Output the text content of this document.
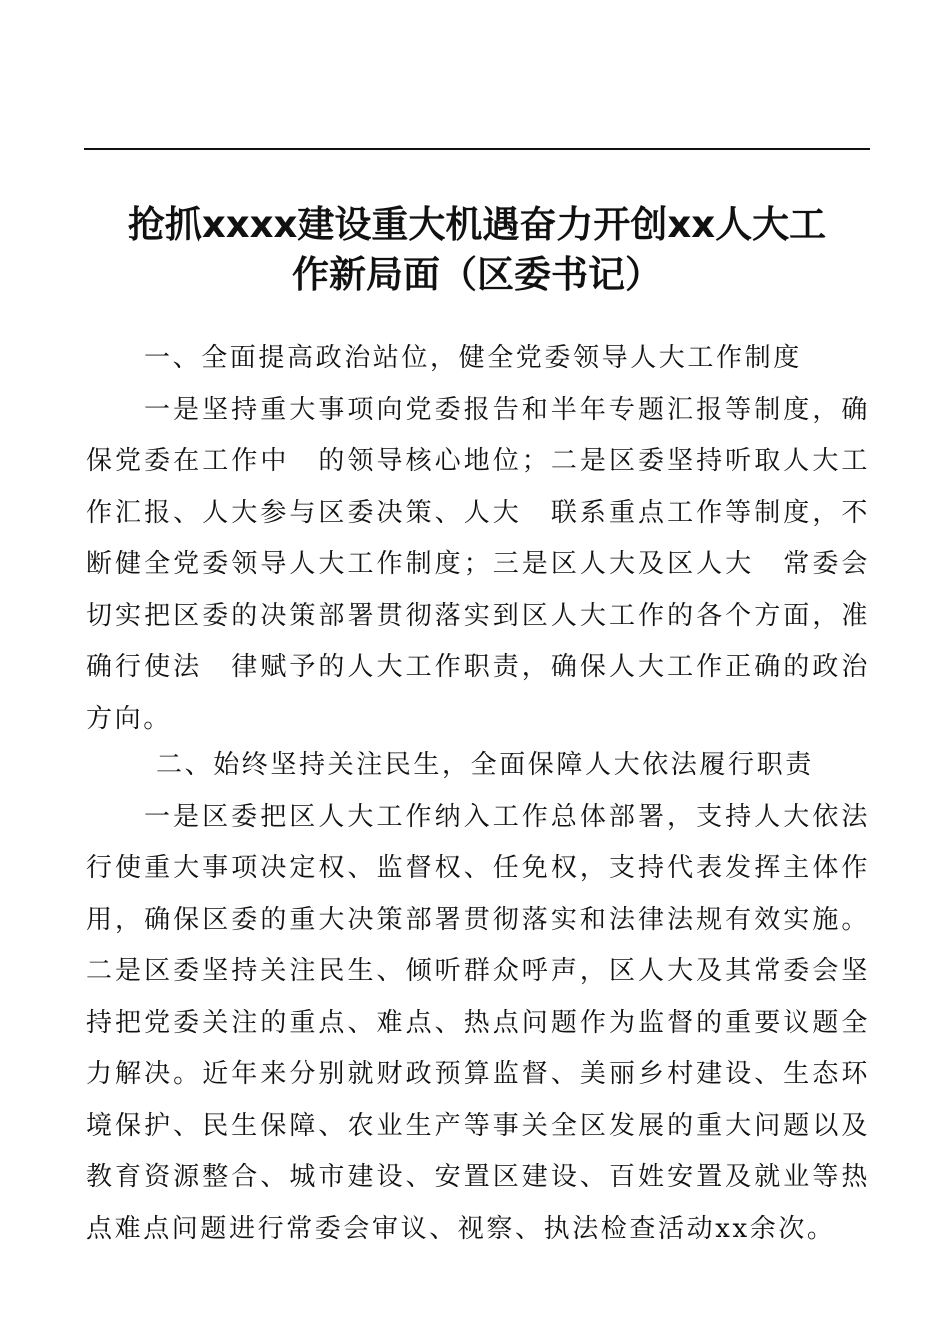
抢抓xxxx建设重大机遇奋力开创xx人大工
作新局面（区委书记）

一、全面提高政治站位，健全党委领导人大工作制度

一是坚持重大事项向党委报告和半年专题汇报等制度，确保党委在工作中　的领导核心地位；二是区委坚持听取人大工作汇报、人大参与区委决策、人大　联系重点工作等制度，不断健全党委领导人大工作制度；三是区人大及区人大　常委会切实把区委的决策部署贯彻落实到区人大工作的各个方面，准确行使法　律赋予的人大工作职责，确保人大工作正确的政治方向。

二、始终坚持关注民生，全面保障人大依法履行职责

一是区委把区人大工作纳入工作总体部署，支持人大依法行使重大事项决定权、监督权、任免权，支持代表发挥主体作用，确保区委的重大决策部署贯彻落实和法律法规有效实施。二是区委坚持关注民生、倾听群众呼声，区人大及其常委会坚持把党委关注的重点、难点、热点问题作为监督的重要议题全力解决。近年来分别就财政预算监督、美丽乡村建设、生态环境保护、民生保障、农业生产等事关全区发展的重大问题以及教育资源整合、城市建设、安置区建设、百姓安置及就业等热点难点问题进行常委会审议、视察、执法检查活动xx余次。
